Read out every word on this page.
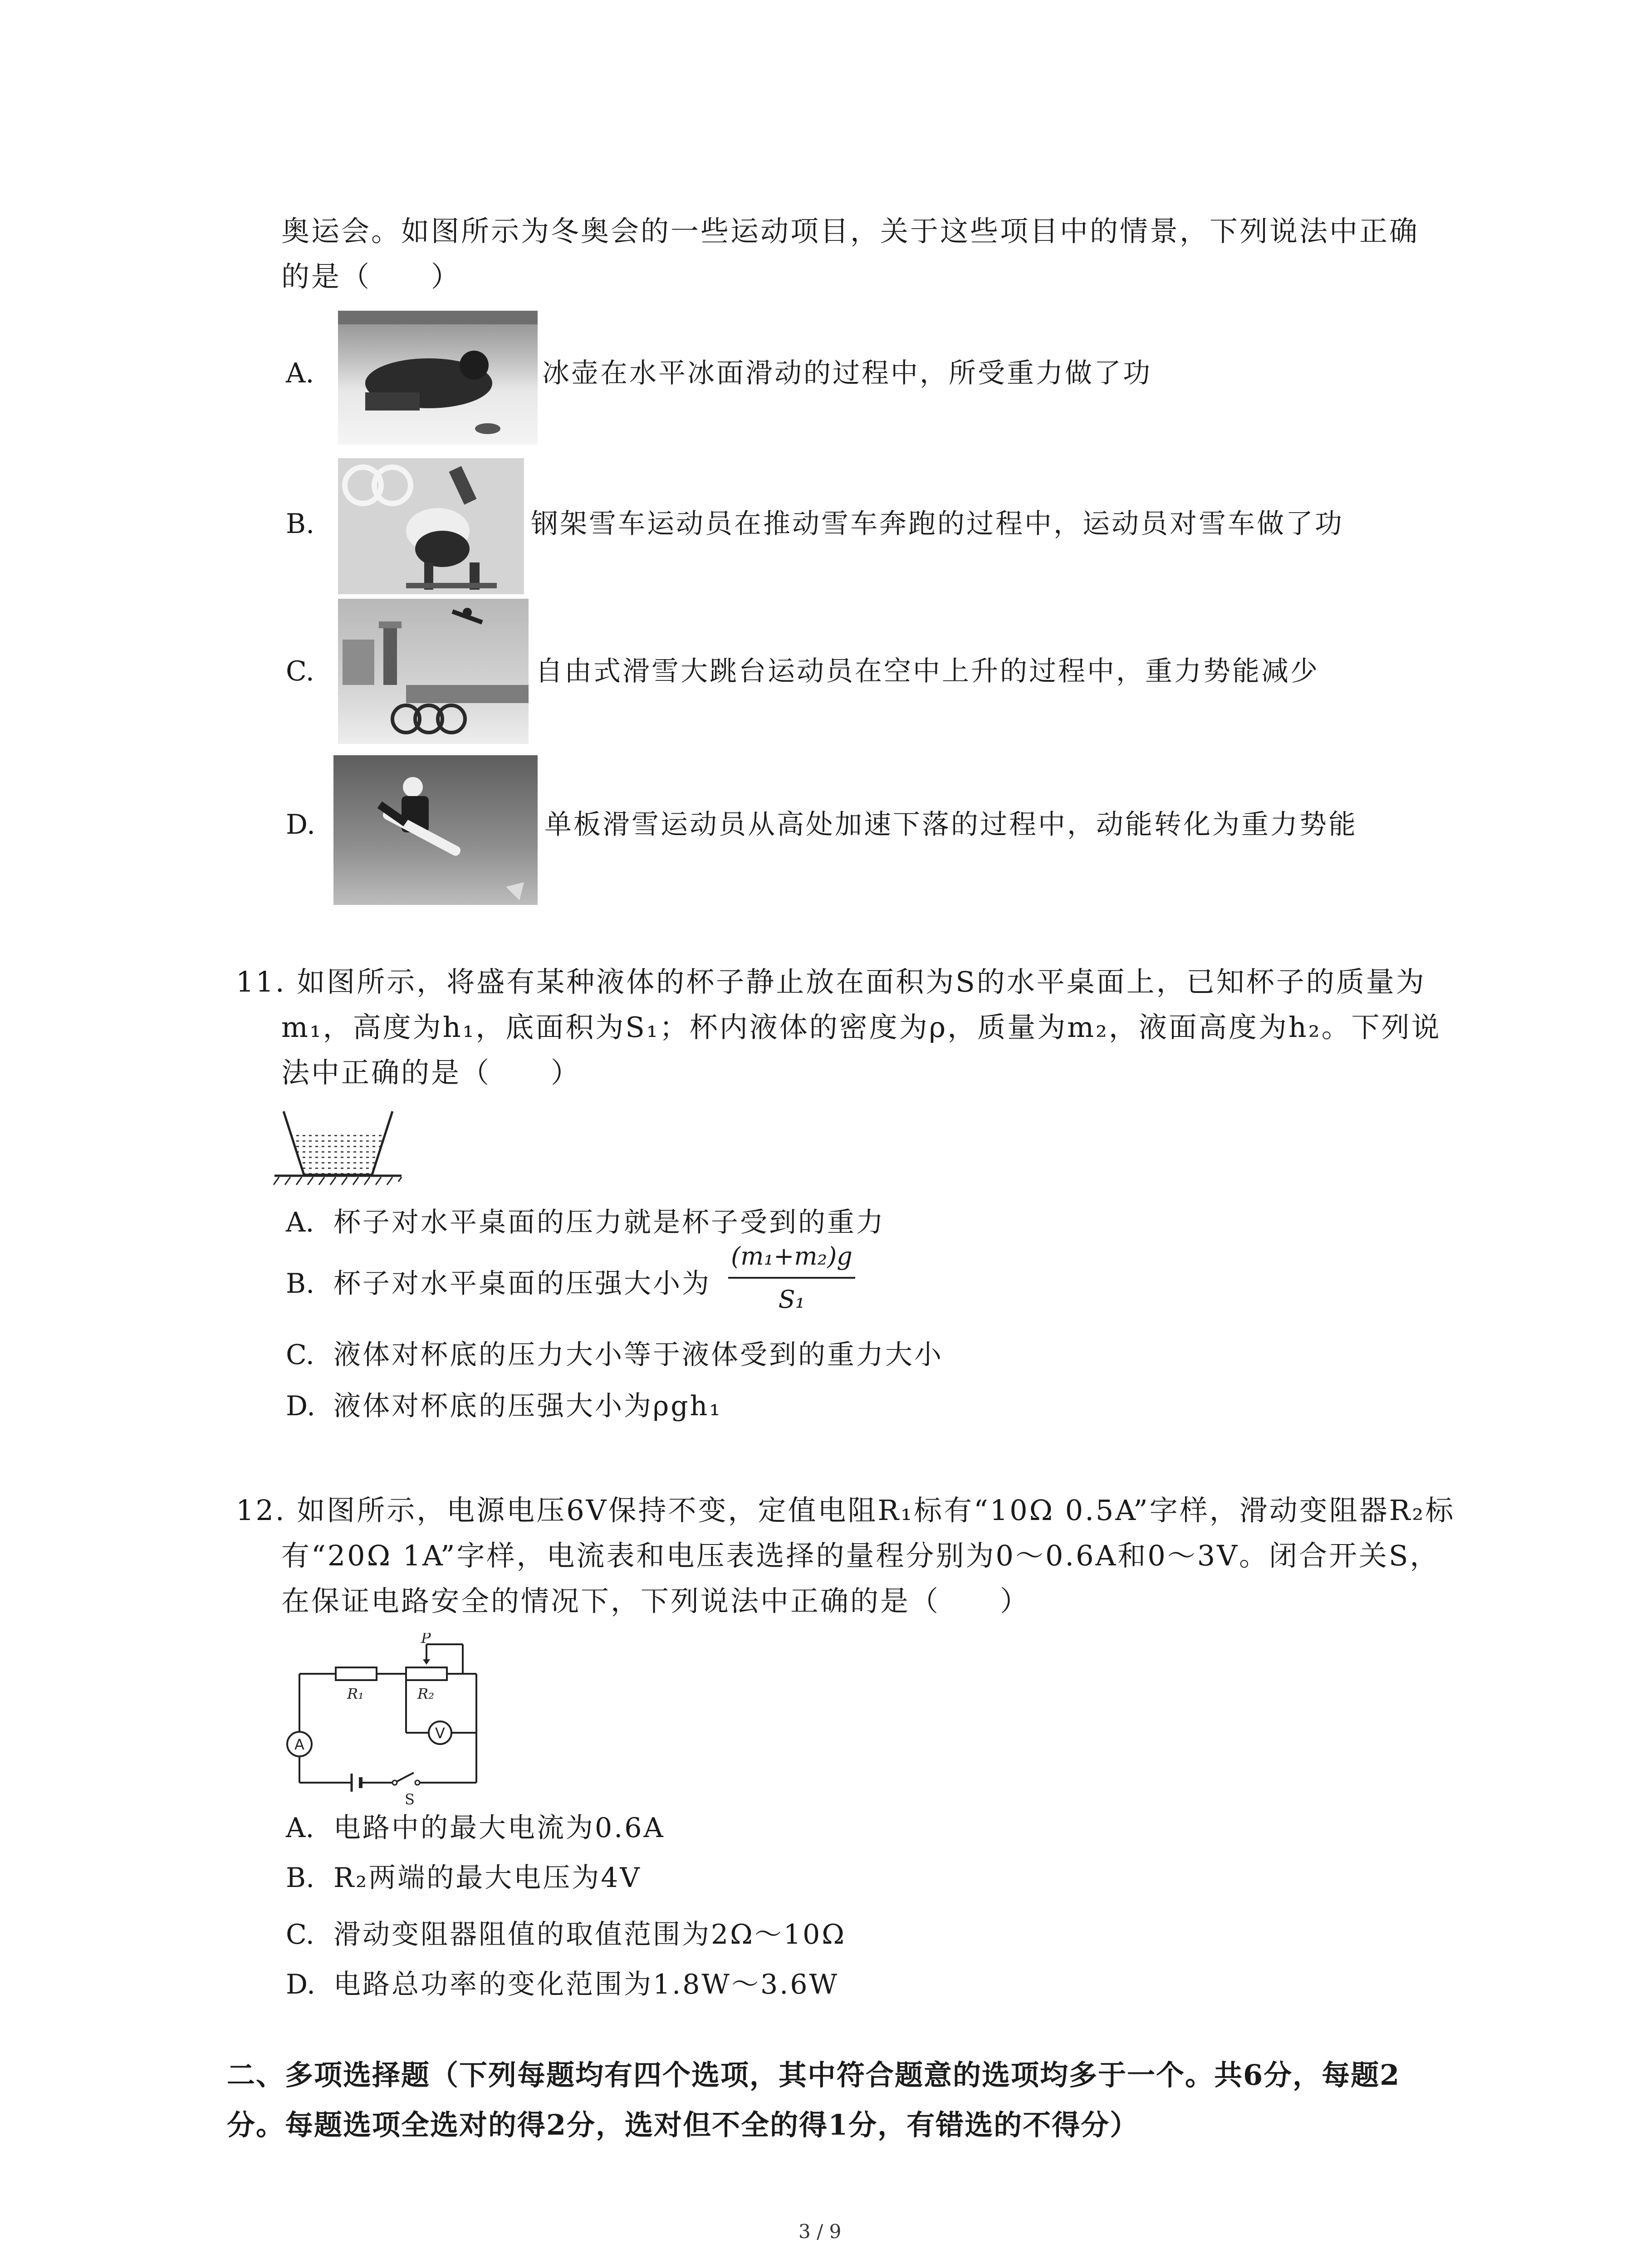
奥运会。如图所示为冬奥会的一些运动项目，关于这些项目中的情景，下列说法中正确
的是（　　）
A.	冰壶在水平冰面滑动的过程中，所受重力做了功
B.	钢架雪车运动员在推动雪车奔跑的过程中，运动员对雪车做了功
C.	自由式滑雪大跳台运动员在空中上升的过程中，重力势能减少
D.	单板滑雪运动员从高处加速下落的过程中，动能转化为重力势能
11. 如图所示，将盛有某种液体的杯子静止放在面积为S的水平桌面上，已知杯子的质量为
m₁，高度为h₁，底面积为S₁；杯内液体的密度为ρ，质量为m₂，液面高度为h₂。下列说
法中正确的是（　　）
A. 杯子对水平桌面的压力就是杯子受到的重力
B. 杯子对水平桌面的压强大小为
(m₁+m₂)g
S₁
C. 液体对杯底的压力大小等于液体受到的重力大小
D. 液体对杯底的压强大小为ρgh₁
12. 如图所示，电源电压6V保持不变，定值电阻R₁标有“10Ω 0.5A”字样，滑动变阻器R₂标
有“20Ω 1A”字样，电流表和电压表选择的量程分别为0～0.6A和0～3V。闭合开关S，
在保证电路安全的情况下，下列说法中正确的是（　　）
P
R₁	R₂
A
V
S
A. 电路中的最大电流为0.6A
B. R₂两端的最大电压为4V
C. 滑动变阻器阻值的取值范围为2Ω～10Ω
D. 电路总功率的变化范围为1.8W～3.6W
二、多项选择题（下列每题均有四个选项，其中符合题意的选项均多于一个。共6分，每题2
分。每题选项全选对的得2分，选对但不全的得1分，有错选的不得分）
3 / 9
